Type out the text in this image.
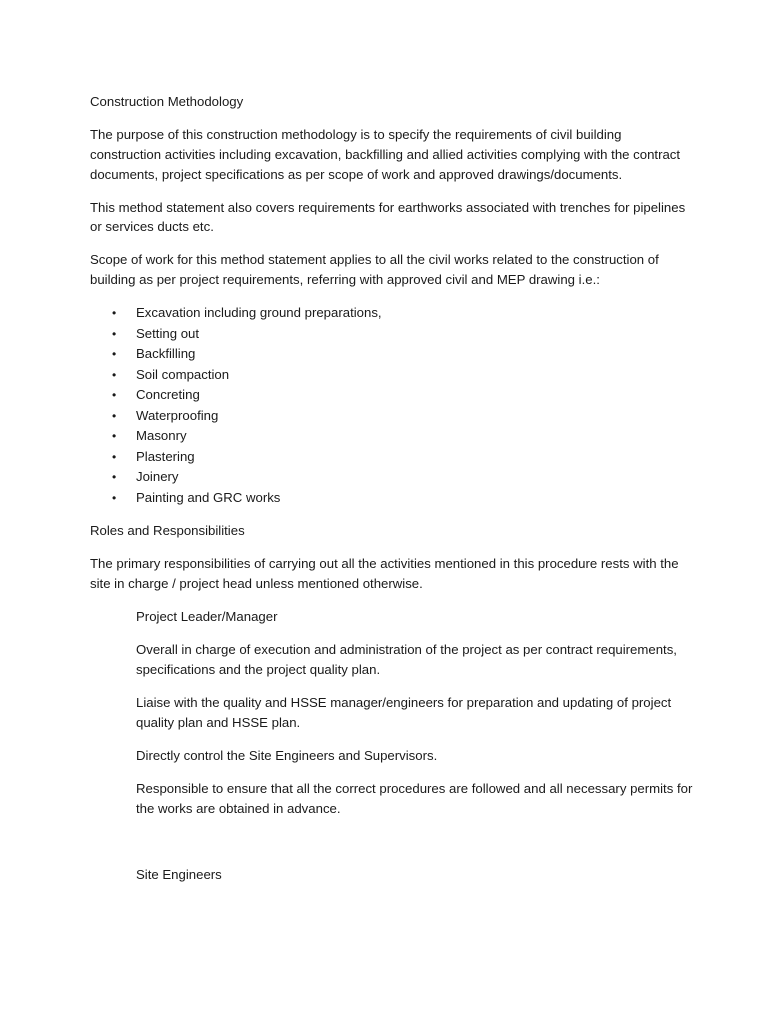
Construction Methodology

The purpose of this construction methodology is to specify the requirements of civil building

construction activities including excavation, backfilling and allied activities complying with the contract

documents, project specifications as per scope of work and approved drawings/documents.

This method statement also covers requirements for earthworks associated with trenches for pipelines

or services ducts etc.

Scope of work for this method statement applies to all the civil works related to the construction of

building as per project requirements, referring with approved civil and MEP drawing i.e.:

• Excavation including ground preparations,
• Setting out
• Backfilling
• Soil compaction
• Concreting
• Waterproofing
• Masonry
• Plastering
• Joinery
• Painting and GRC works

Roles and Responsibilities

The primary responsibilities of carrying out all the activities mentioned in this procedure rests with the

site in charge / project head unless mentioned otherwise.

Project Leader/Manager

Overall in charge of execution and administration of the project as per contract requirements,

specifications and the project quality plan.

Liaise with the quality and HSSE manager/engineers for preparation and updating of project

quality plan and HSSE plan.

Directly control the Site Engineers and Supervisors.

Responsible to ensure that all the correct procedures are followed and all necessary permits for

the works are obtained in advance.

Site Engineers
